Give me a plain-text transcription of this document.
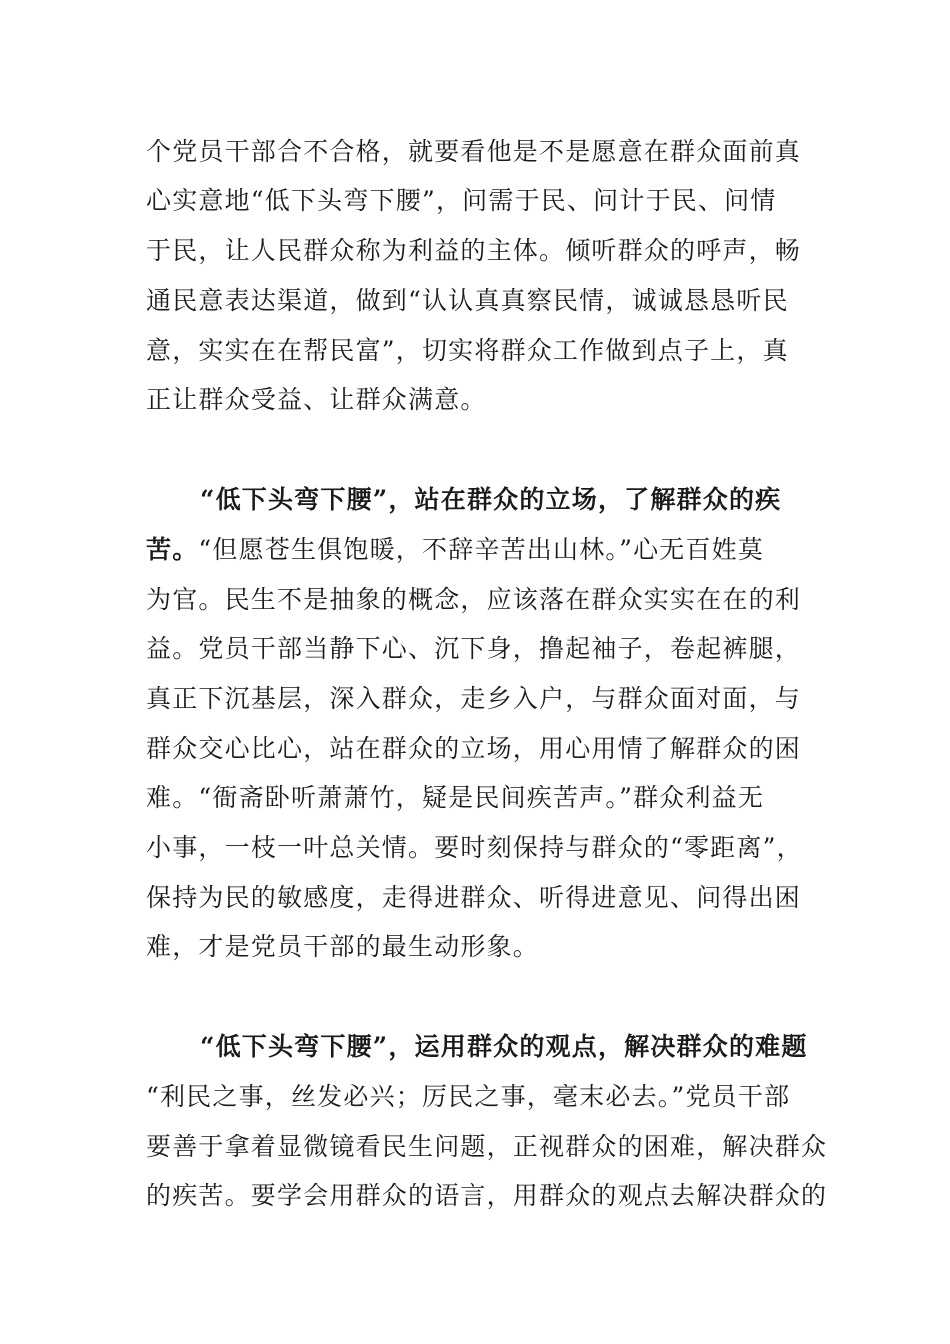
个党员干部合不合格，就要看他是不是愿意在群众面前真
心实意地“低下头弯下腰”，问需于民、问计于民、问情
于民，让人民群众称为利益的主体。倾听群众的呼声，畅
通民意表达渠道，做到“认认真真察民情，诚诚恳恳听民
意，实实在在帮民富”，切实将群众工作做到点子上，真
正让群众受益、让群众满意。
“低下头弯下腰”，站在群众的立场，了解群众的疾
苦。“但愿苍生俱饱暖，不辞辛苦出山林。”心无百姓莫
为官。民生不是抽象的概念，应该落在群众实实在在的利
益。党员干部当静下心、沉下身，撸起袖子，卷起裤腿，
真正下沉基层，深入群众，走乡入户，与群众面对面，与
群众交心比心，站在群众的立场，用心用情了解群众的困
难。“衙斋卧听萧萧竹，疑是民间疾苦声。”群众利益无
小事，一枝一叶总关情。要时刻保持与群众的“零距离”，
保持为民的敏感度，走得进群众、听得进意见、问得出困
难，才是党员干部的最生动形象。
“低下头弯下腰”，运用群众的观点，解决群众的难题
“利民之事，丝发必兴；厉民之事，毫末必去。”党员干部
要善于拿着显微镜看民生问题，正视群众的困难，解决群众
的疾苦。要学会用群众的语言，用群众的观点去解决群众的
